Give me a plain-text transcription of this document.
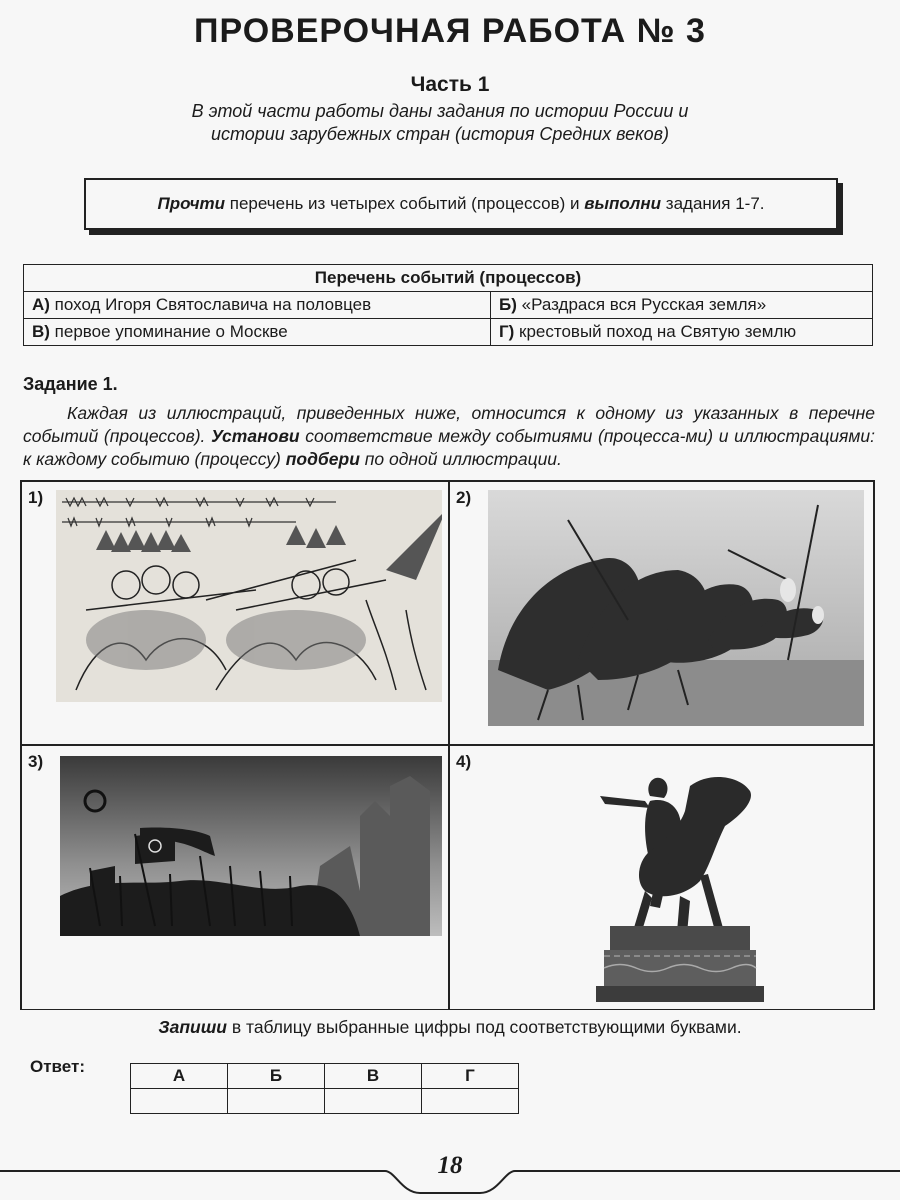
ПРОВЕРОЧНАЯ РАБОТА № 3
Часть 1
В этой части работы даны задания по истории России и
истории зарубежных стран (история Средних веков)
Прочти перечень из четырех событий (процессов) и выполни задания 1-7.
Перечень событий (процессов)	
А) поход Игоря Святославича на половцев	Б) «Раздрася вся Русская земля»
В) первое упоминание о Москве	Г) крестовый поход на Святую землю
Задание 1.
Каждая из иллюстраций, приведенных ниже, относится к одному из указанных в перечне событий (процессов). Установи соответствие между событиями (процесса-ми) и иллюстрациями: к каждому событию (процессу) подбери по одной иллюстрации.
1)	2)
3)	4)
Запиши в таблицу выбранные цифры под соответствующими буквами.
Ответ:	А	Б	В	Г

18
